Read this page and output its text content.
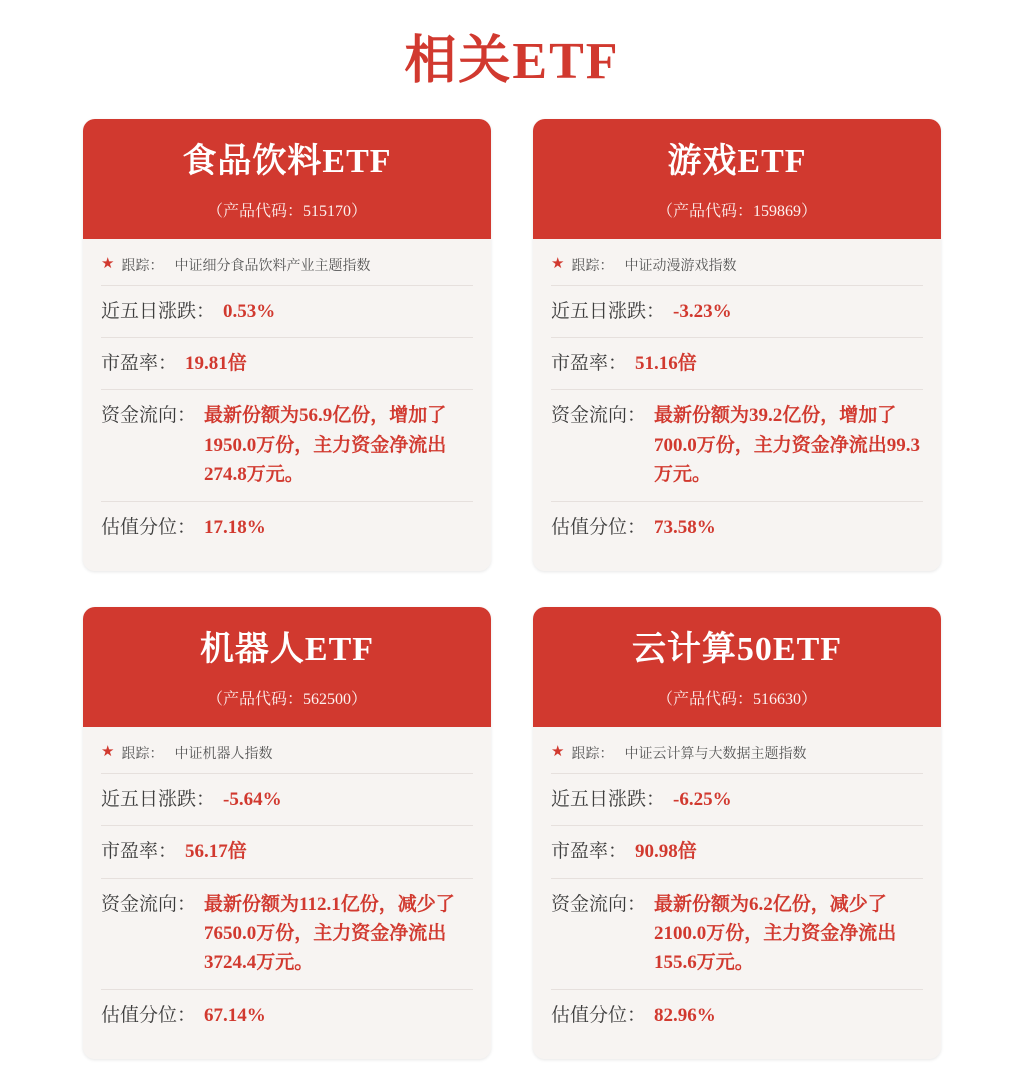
相关ETF
食品饮料ETF
（产品代码：515170）
★ 跟踪： 中证细分食品饮料产业主题指数
近五日涨跌： 0.53%
市盈率： 19.81倍
资金流向： 最新份额为56.9亿份，增加了1950.0万份，主力资金净流出274.8万元。
估值分位： 17.18%
游戏ETF
（产品代码：159869）
★ 跟踪： 中证动漫游戏指数
近五日涨跌： -3.23%
市盈率： 51.16倍
资金流向： 最新份额为39.2亿份，增加了700.0万份，主力资金净流出99.3万元。
估值分位： 73.58%
机器人ETF
（产品代码：562500）
★ 跟踪： 中证机器人指数
近五日涨跌： -5.64%
市盈率： 56.17倍
资金流向： 最新份额为112.1亿份，减少了7650.0万份，主力资金净流出3724.4万元。
估值分位： 67.14%
云计算50ETF
（产品代码：516630）
★ 跟踪： 中证云计算与大数据主题指数
近五日涨跌： -6.25%
市盈率： 90.98倍
资金流向： 最新份额为6.2亿份，减少了2100.0万份，主力资金净流出155.6万元。
估值分位： 82.96%
